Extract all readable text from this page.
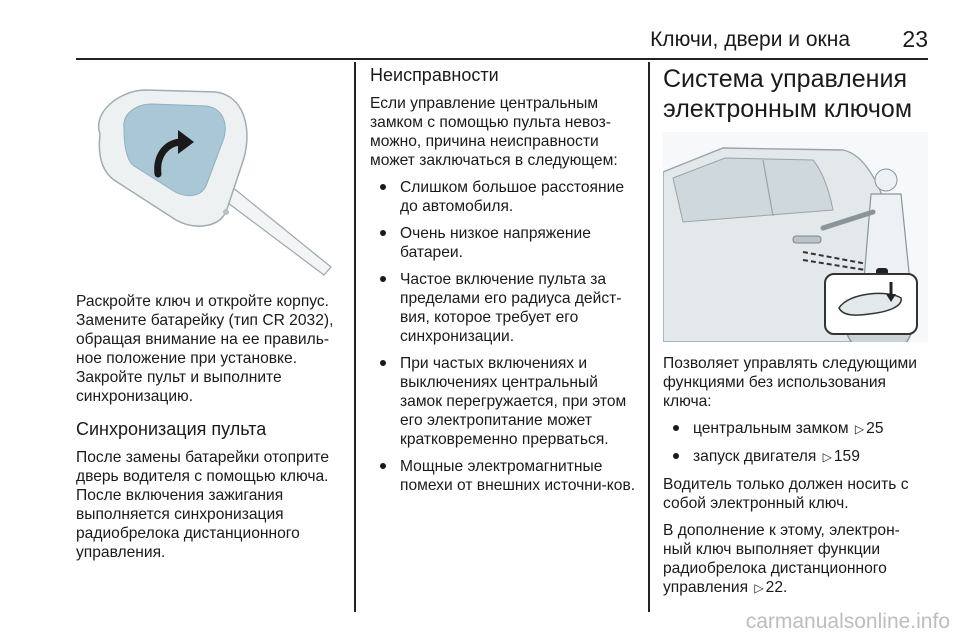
Ключи, двери и окна	23

Раскройте ключ и откройте корпус. Замените батарейку (тип CR 2032), обращая внимание на ее правиль-ное положение при установке. Закройте пульт и выполните синхронизацию.

Синхронизация пульта

После замены батарейки отоприте дверь водителя с помощью ключа. После включения зажигания выполняется синхронизация радиобрелока дистанционного управления.

Неисправности

Если управление центральным замком с помощью пульта невоз-можно, причина неисправности может заключаться в следующем:

Слишком большое расстояние до автомобиля.
Очень низкое напряжение батареи.
Частое включение пульта за пределами его радиуса дейст-вия, которое требует его синхронизации.
При частых включениях и выключениях центральный замок перегружается, при этом его электропитание может кратковременно прерваться.
Мощные электромагнитные помехи от внешних источни-ков.
Система управления электронным ключом

Позволяет управлять следующими функциями без использования ключа:

центральным замком ▷ 25
запуск двигателя ▷ 159

Водитель только должен носить с собой электронный ключ.

В дополнение к этому, электрон-ный ключ выполняет функции радиобрелока дистанционного управления ▷ 22.

carmanualsonline.info
